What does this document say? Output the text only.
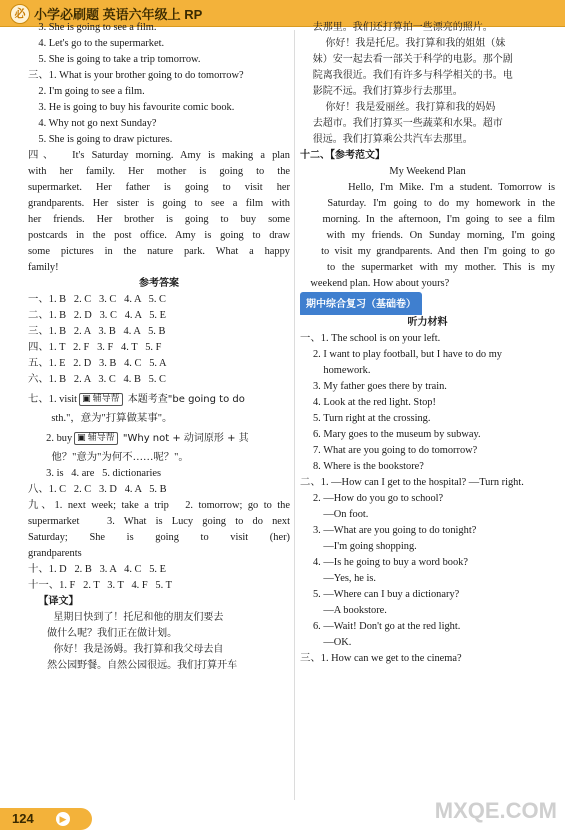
必 小学必刷题 英语六年级上 RP
3. She is going to see a film.
4. Let's go to the supermarket.
5. She is going to take a trip tomorrow.
三、1. What is your brother going to do tomorrow?
2. I'm going to see a film.
3. He is going to buy his favourite comic book.
4. Why not go next Sunday?
5. She is going to draw pictures.
四、  It's Saturday morning. Amy is making a plan
with her family. Her mother is going to the
supermarket. Her father is going to visit her
grandparents. Her sister is going to see a film with
her friends. Her brother is going to buy some
postcards in the post office. Amy is going to draw
some pictures in the nature park. What a happy
family!
参考答案
一、1. B   2. C   3. C   4. A   5. C
二、1. B   2. D   3. C   4. A   5. E
三、1. B   2. A   3. B   4. A   5. B
四、1. T   2. F   3. F   4. T   5. F
五、1. E   2. D   3. B   4. C   5. A
六、1. B   2. A   3. C   4. B   5. C
七、1. visit ▣ 辅导帮 本题考查"be going to do
sth."，意为"打算做某事"。
2. buy ▣ 辅导帮 "Why not + 动词原形 + 其
他？"意为"为何不……呢？"。
3. is   4. are   5. dictionaries
八、1. C   2. C   3. D   4. A   5. B
九、1. next week; take a trip   2. tomorrow; go to the
supermarket   3. What is Lucy going to do next
Saturday; She is going to visit (her)
grandparents
十、1. D   2. B   3. A   4. C   5. E
十一、1. F   2. T   3. T   4. F   5. T
【译文】
星期日快到了！托尼和他的朋友们要去
做什么呢？我们正在做计划。
你好！我是汤姆。我打算和我父母去自
然公园野餐。自然公园很远。我们打算开车
去那里。我们还打算拍一些漂亮的照片。
你好！我是托尼。我打算和我的姐姐（妹
妹）安一起去看一部关于科学的电影。那个剧
院离我很近。我们有许多与科学相关的书。电
影院不远。我们打算步行去那里。
你好！我是爱丽丝。我打算和我的妈妈
去超市。我们打算买一些蔬菜和水果。超市
很远。我们打算乘公共汽车去那里。
十二、【参考范文】
My Weekend Plan
Hello, I'm Mike. I'm a student. Tomorrow is
Saturday. I'm going to do my homework in the
morning. In the afternoon, I'm going to see a film
with my friends. On Sunday morning, I'm going
to visit my grandparents. And then I'm going to go
to the supermarket with my mother. This is my
weekend plan. How about yours?
期中综合复习（基础卷）
听力材料
一、1. The school is on your left.
2. I want to play football, but I have to do my
homework.
3. My father goes there by train.
4. Look at the red light. Stop!
5. Turn right at the crossing.
6. Mary goes to the museum by subway.
7. What are you going to do tomorrow?
8. Where is the bookstore?
二、1. —How can I get to the hospital? —Turn right.
2. —How do you go to school?
—On foot.
3. —What are you going to do tonight?
—I'm going shopping.
4. —Is he going to buy a word book?
—Yes, he is.
5. —Where can I buy a dictionary?
—A bookstore.
6. —Wait! Don't go at the red light.
—OK.
三、1. How can we get to the cinema?
124	▶	MXQE.COM
